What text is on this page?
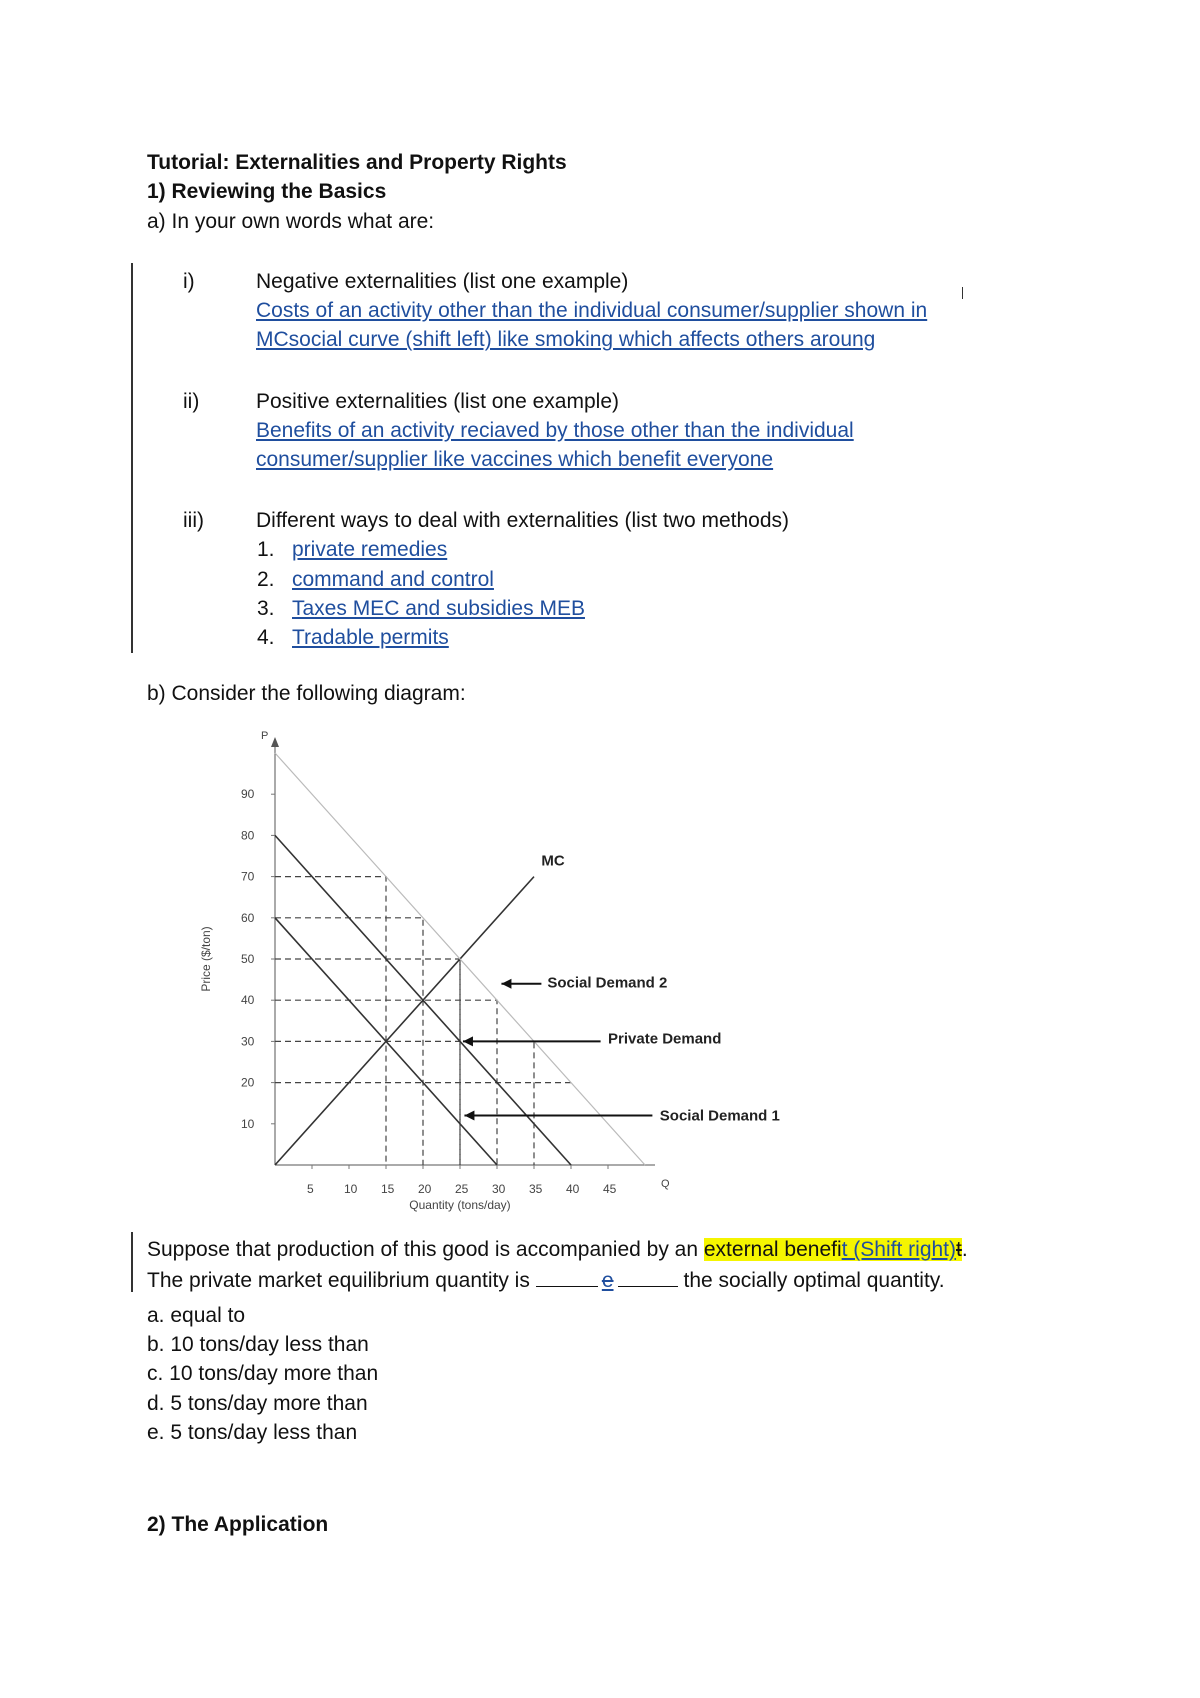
Tutorial: Externalities and Property Rights
1) Reviewing the Basics
a) In your own words what are:
i)	Negative externalities (list one example)
Costs of an activity other than the individual consumer/supplier shown in
MCsocial curve (shift left) like smoking which affects others aroung
ii)	Positive externalities (list one example)
Benefits of an activity reciaved by those other than the individual
consumer/supplier like vaccines which benefit everyone
iii) Different ways to deal with externalities (list two methods)
1. private remedies
2. command and control
3. Taxes MEC and subsidies MEB
4. Tradable permits
b) Consider the following diagram:
P
Q
10
20
30
40
50
60
70
80
90
5	10 15 20 25 30 35 40 45
Price ($/ton)
Quantity (tons/day)
MC
Social Demand 2
Private Demand
Social Demand 1
Suppose that production of this good is accompanied by an external benefit (Shift right)t.
The private market equilibrium quantity is	e	the socially optimal quantity.
a. equal to
b. 10 tons/day less than
c. 10 tons/day more than
d. 5 tons/day more than
e. 5 tons/day less than
2) The Application
